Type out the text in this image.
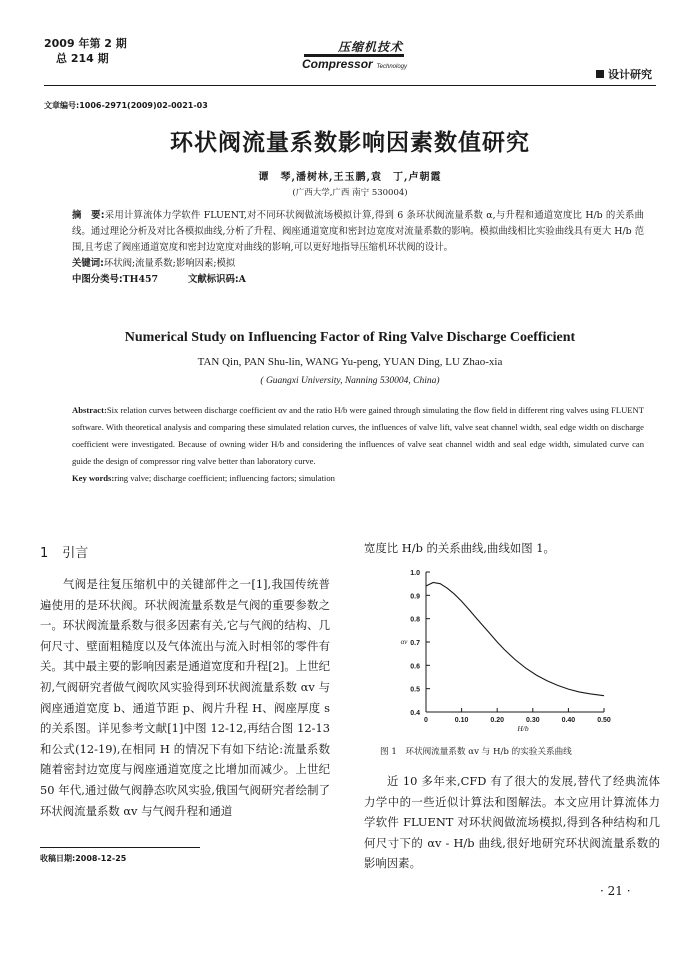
2009 年第 2 期
总 214 期
压缩机技术
Compressor Technology
设计研究
文章编号:1006-2971(2009)02-0021-03
环状阀流量系数影响因素数值研究
谭　琴,潘树林,王玉鹏,袁　丁,卢朝霞
(广西大学,广西 南宁 530004)
摘　要:采用计算流体力学软件 FLUENT,对不同环状阀做流场模拟计算,得到 6 条环状阀流量系数 α,与升程和通道宽度比 H/b 的关系曲线。通过理论分析及对比各模拟曲线,分析了升程、阀座通道宽度和密封边宽度对流量系数的影响。模拟曲线相比实验曲线具有更大 H/b 范围,且考虑了阀座通道宽度和密封边宽度对曲线的影响,可以更好地指导压缩机环状阀的设计。
关键词:环状阀;流量系数;影响因素;模拟
中图分类号:TH457	文献标识码:A
Numerical Study on Influencing Factor of Ring Valve Discharge Coefficient
TAN Qin, PAN Shu-lin, WANG Yu-peng, YUAN Ding, LU Zhao-xia
( Guangxi University, Nanning 530004, China)
Abstract:Six relation curves between discharge coefficient αv and the ratio H/b were gained through simulating the flow field in different ring valves using FLUENT software. With theoretical analysis and comparing these simulated relation curves, the influences of valve lift, valve seat channel width, seal edge width on discharge coefficient were investigated. Because of owning wider H/b and considering the influences of valve seat channel width and seal edge width, simulated curve can guide the design of compressor ring valve better than laboratory curve.
Key words:ring valve; discharge coefficient; influencing factors; simulation
1 引言
气阀是往复压缩机中的关键部件之一[1],我国传统普遍使用的是环状阀。环状阀流量系数是气阀的重要参数之一。环状阀流量系数与很多因素有关,它与气阀的结构、几何尺寸、壁面粗糙度以及气体流出与流入时相邻的零件有关。其中最主要的影响因素是通道宽度和升程[2]。上世纪初,气阀研究者做气阀吹风实验得到环状阀流量系数 αv 与阀座通道宽度 b、通道节距 p、阀片升程 H、阀座厚度 s 的关系图。详见参考文献[1]中图 12-12,再结合图 12-13 和公式(12-19),在相同 H 的情况下有如下结论:流量系数随着密封边宽度与阀座通道宽度之比增加而减少。上世纪 50 年代,通过做气阀静态吹风实验,俄国气阀研究者绘制了环状阀流量系数 αv 与气阀升程和通道
宽度比 H/b 的关系曲线,曲线如图 1。
0.4
0.5
0.6
0.7
0.8
0.9
1.0
0	0.10	0.20	0.30	0.40	0.50
H/b
αv
图 1　环状阀流量系数 αv 与 H/b 的实验关系曲线
近 10 多年来,CFD 有了很大的发展,替代了经典流体力学中的一些近似计算法和图解法。本文应用计算流体力学软件 FLUENT 对环状阀做流场模拟,得到各种结构和几何尺寸下的 αv - H/b 曲线,很好地研究环状阀流量系数的影响因素。
收稿日期:2008-12-25
· 21 ·
